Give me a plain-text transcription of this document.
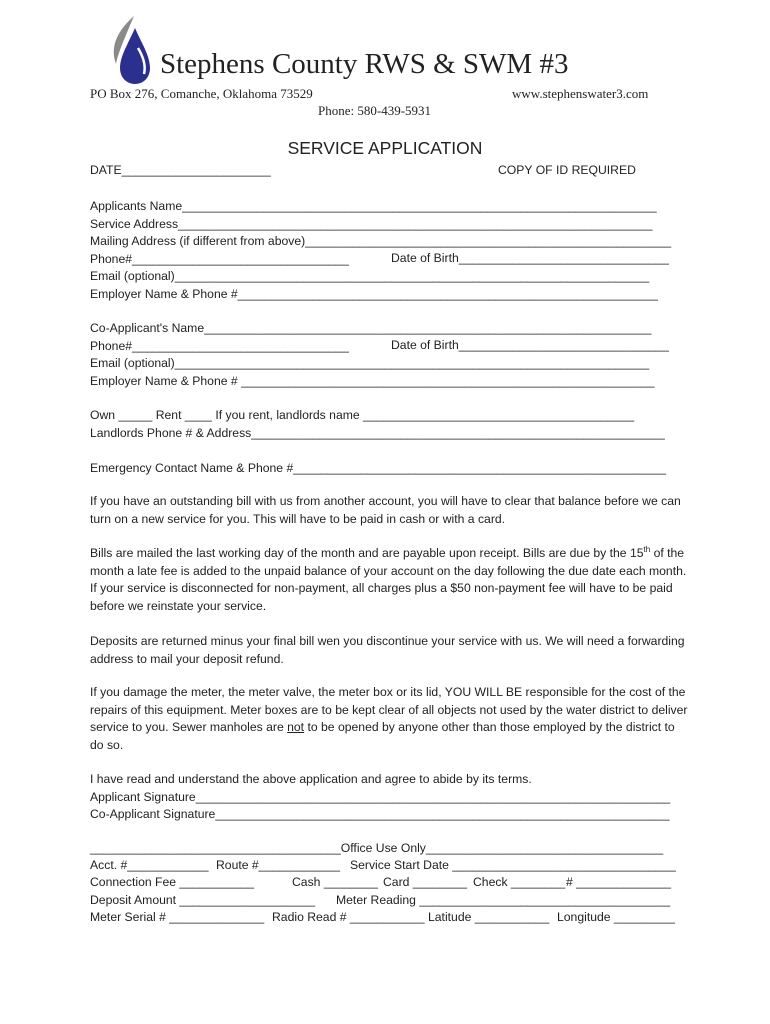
Stephens County RWS & SWM #3
PO Box 276, Comanche, Oklahoma 73529	www.stephenswater3.com
Phone: 580-439-5931
SERVICE APPLICATION
DATE______________________	COPY OF ID REQUIRED
Applicants Name______________________________________________________________________
Service Address______________________________________________________________________
Mailing Address (if different from above)______________________________________________________
Phone#________________________________	Date of Birth_______________________________
Email (optional)______________________________________________________________________
Employer Name & Phone #______________________________________________________________
Co-Applicant's Name__________________________________________________________________
Phone#________________________________	Date of Birth_______________________________
Email (optional)______________________________________________________________________
Employer Name & Phone # _____________________________________________________________
Own _____ Rent ____ If you rent, landlords name ________________________________________
Landlords Phone # & Address_____________________________________________________________
Emergency Contact Name & Phone #_______________________________________________________
If you have an outstanding bill with us from another account, you will have to clear that balance before we can turn on a new service for you. This will have to be paid in cash or with a card.
Bills are mailed the last working day of the month and are payable upon receipt. Bills are due by the 15th of the month a late fee is added to the unpaid balance of your account on the day following the due date each month. If your service is disconnected for non-payment, all charges plus a $50 non-payment fee will have to be paid before we reinstate your service.
Deposits are returned minus your final bill wen you discontinue your service with us. We will need a forwarding address to mail your deposit refund.
If you damage the meter, the meter valve, the meter box or its lid, YOU WILL BE responsible for the cost of the repairs of this equipment. Meter boxes are to be kept clear of all objects not used by the water district to deliver service to you. Sewer manholes are not to be opened by anyone other than those employed by the district to do so.
I have read and understand the above application and agree to abide by its terms.
Applicant Signature______________________________________________________________________
Co-Applicant Signature___________________________________________________________________
_____________________________________Office Use Only___________________________________
Acct. #____________ Route #____________ Service Start Date _________________________________
Connection Fee ___________	Cash ________ Card ________ Check ________ # ______________
Deposit Amount ____________________ Meter Reading _____________________________________
Meter Serial # ______________ Radio Read # ___________ Latitude ___________ Longitude _________
